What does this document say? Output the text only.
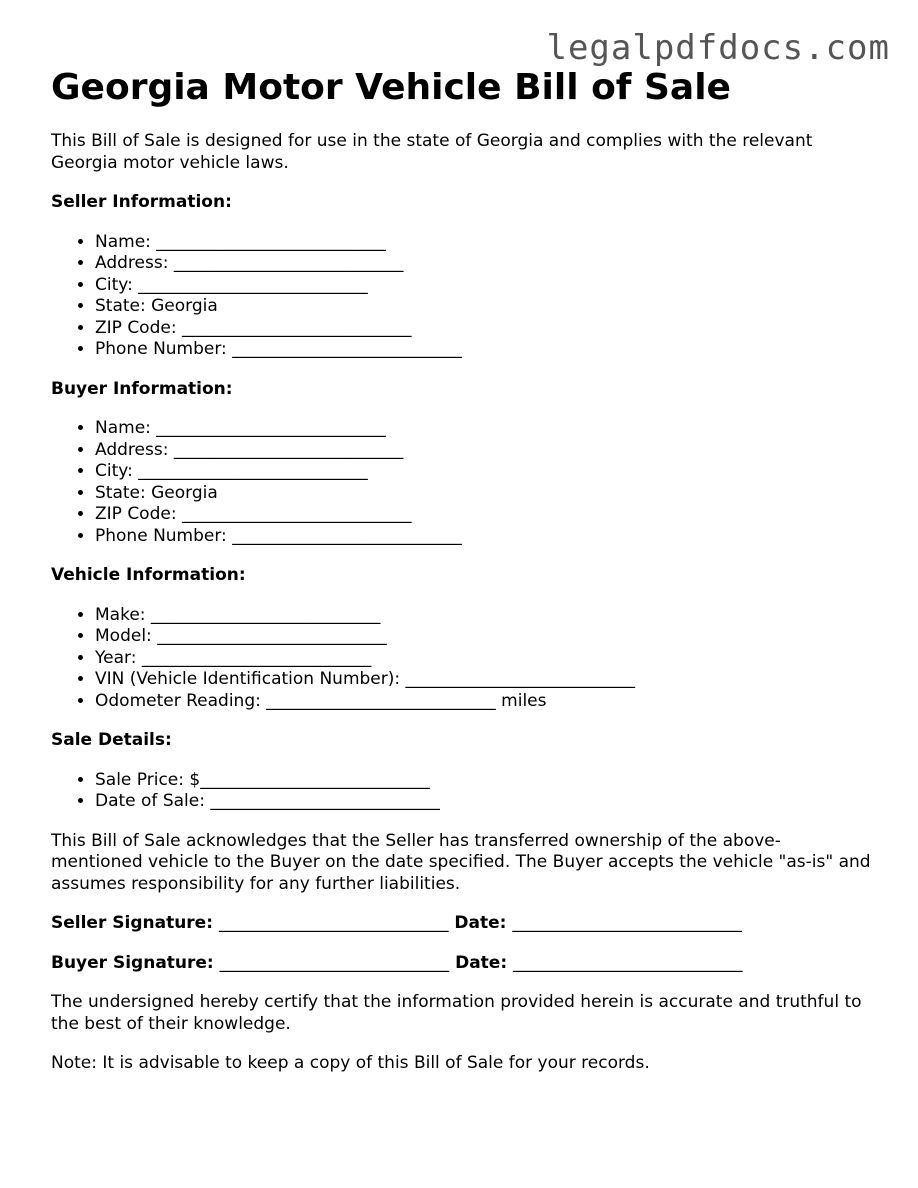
legalpdfdocs.com
Georgia Motor Vehicle Bill of Sale

This Bill of Sale is designed for use in the state of Georgia and complies with the relevant Georgia motor vehicle laws.

Seller Information:
• Name: ___________________________
• Address: ___________________________
• City: ___________________________
• State: Georgia
• ZIP Code: ___________________________
• Phone Number: ___________________________
Buyer Information:
• Name: ___________________________
• Address: ___________________________
• City: ___________________________
• State: Georgia
• ZIP Code: ___________________________
• Phone Number: ___________________________
Vehicle Information:
• Make: ___________________________
• Model: ___________________________
• Year: ___________________________
• VIN (Vehicle Identification Number): ___________________________
• Odometer Reading: ___________________________ miles
Sale Details:
• Sale Price: $___________________________
• Date of Sale: ___________________________

This Bill of Sale acknowledges that the Seller has transferred ownership of the above-mentioned vehicle to the Buyer on the date specified. The Buyer accepts the vehicle "as-is" and assumes responsibility for any further liabilities.

Seller Signature: ___________________________ Date: ___________________________
Buyer Signature: ___________________________ Date: ___________________________

The undersigned hereby certify that the information provided herein is accurate and truthful to the best of their knowledge.

Note: It is advisable to keep a copy of this Bill of Sale for your records.
